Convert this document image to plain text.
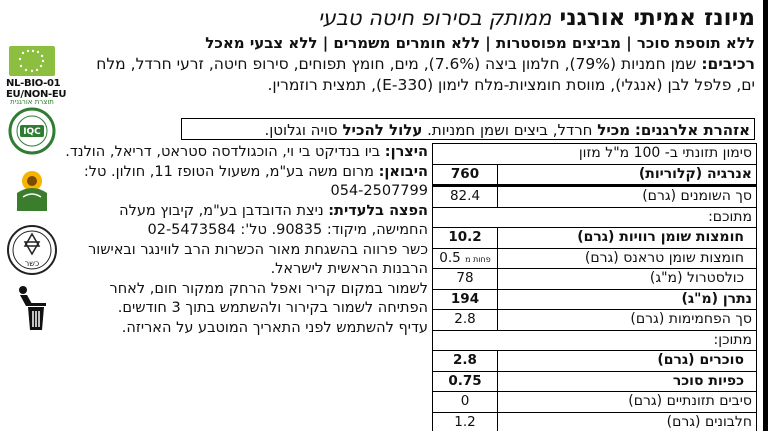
מיונז אמיתי אורגני ממותק בסירופ חיטה טבעי
ללא תוספת סוכר | מביצים מפוסטרות | ללא חומרים משמרים | ללא צבעי מאכל
רכיבים: שמן חמניות (79%), חלמון ביצה (7.6%), מים, חומץ תפוחים, סירופ חיטה, זרעי חרדל, מלח ים, פלפל לבן (אנגלי), מווסת חומציות-מלח לימון (E-330), תמצית רוזמרין.
אזהרת אלרגנים: מכיל חרדל, ביצים ושמן חמניות. עלול להכיל סויה וגלוטן.
NL-BIO-01
EU/NON-EU
IQC
תוצרת אורגנית
כשר

היצרן: ביו בנדיקט בי וי, הוכגולדסה סטראט, דריאל, הולנד. היבואן: מרום משה בע"מ, משעול הטופז 11, חולון. טל: 054-2507799

הפצה בלעדית: ניצת הדובדבן בע"מ, קיבוץ מעלה החמישה, מיקוד: 90835. טל': 02-5473584

כשר פרווה בהשגחת מאור הכשרות הרב לווינגר ובאישור הרבנות הראשית לישראל.

לשמור במקום קריר ואפל הרחק ממקור חום, לאחר הפתיחה לשמור בקירור ולהשתמש בתוך 3 חודשים.

עדיף להשתמש לפני התאריך המוטבע על האריזה.

סימון תזונתי ב- 100 מ"ל מזון
אנרגיה (קלוריות)
760
סך השומנים (גרם)
82.4
מתוכם:
חומצות שומן רוויות (גרם)
10.2
חומצות שומן טראנס (גרם)
פחות מ 0.5
כולסטרול (מ"ג)
78
נתרן (מ"ג)
194
סך הפחמימות (גרם)
2.8
מתוכן:
סוכרים (גרם)
2.8
כפיות סוכר
0.75
סיבים תזונתיים (גרם)
0
חלבונים (גרם)
1.2
